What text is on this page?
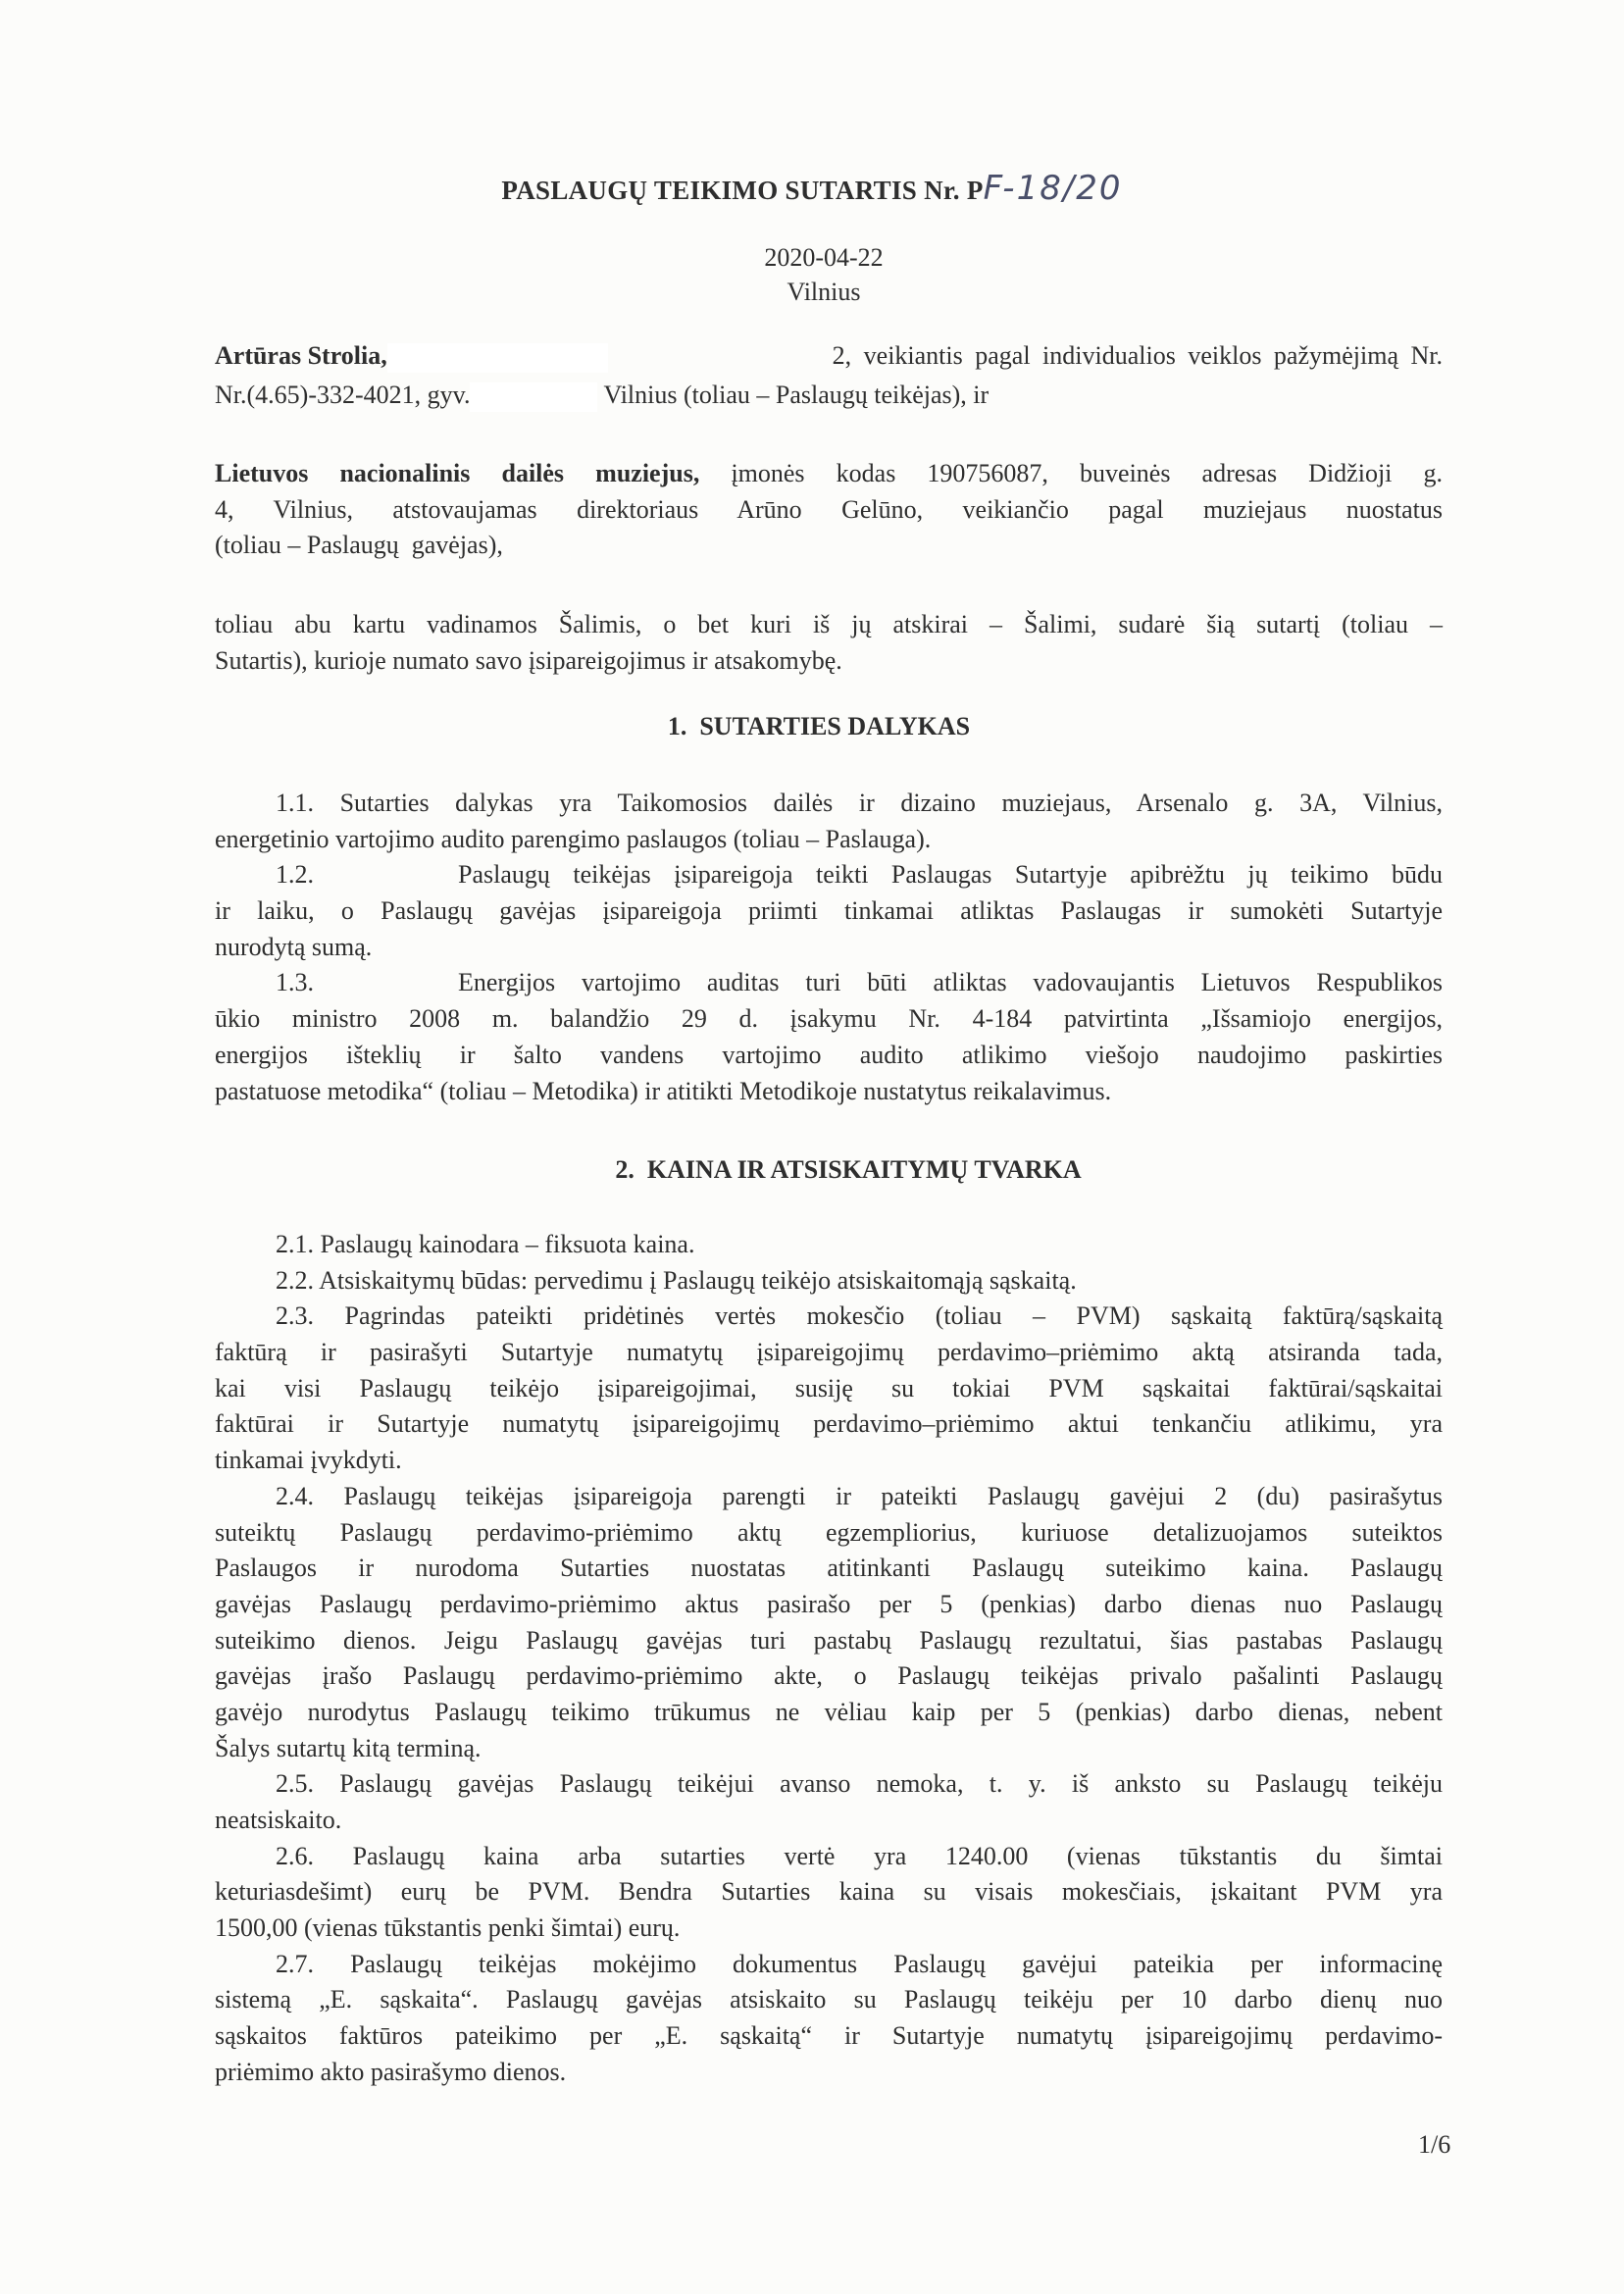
PASLAUGŲ TEIKIMO SUTARTIS Nr. PF-18/20
2020-04-22
Vilnius
Artūras Strolia,	2, veikiantis pagal individualios veiklos pažymėjimą Nr.
Nr.(4.65)-332-4021, gyv.	Vilnius (toliau – Paslaugų teikėjas), ir
Lietuvos nacionalinis dailės muziejus, įmonės kodas 190756087, buveinės adresas Didžioji g.
4, Vilnius, atstovaujamas direktoriaus Arūno Gelūno, veikiančio pagal muziejaus nuostatus
(toliau – Paslaugų  gavėjas),
toliau abu kartu vadinamos Šalimis, o bet kuri iš jų atskirai – Šalimi, sudarė šią sutartį (toliau –
Sutartis), kurioje numato savo įsipareigojimus ir atsakomybę.
1.  SUTARTIES DALYKAS
1.1. Sutarties dalykas yra Taikomosios dailės ir dizaino muziejaus, Arsenalo g. 3A, Vilnius,
energetinio vartojimo audito parengimo paslaugos (toliau – Paslauga).
1.2.	Paslaugų teikėjas įsipareigoja teikti Paslaugas Sutartyje apibrėžtu jų teikimo būdu
ir laiku, o Paslaugų gavėjas įsipareigoja priimti tinkamai atliktas Paslaugas ir sumokėti Sutartyje
nurodytą sumą.
1.3.	Energijos vartojimo auditas turi būti atliktas vadovaujantis Lietuvos Respublikos
ūkio ministro 2008 m. balandžio 29 d. įsakymu Nr. 4-184 patvirtinta „Išsamiojo energijos,
energijos išteklių ir šalto vandens vartojimo audito atlikimo viešojo naudojimo paskirties
pastatuose metodika“ (toliau – Metodika) ir atitikti Metodikoje nustatytus reikalavimus.
2.  KAINA IR ATSISKAITYMŲ TVARKA
2.1. Paslaugų kainodara – fiksuota kaina.
2.2. Atsiskaitymų būdas: pervedimu į Paslaugų teikėjo atsiskaitomąją sąskaitą.
2.3. Pagrindas pateikti pridėtinės vertės mokesčio (toliau – PVM) sąskaitą faktūrą/sąskaitą
faktūrą ir pasirašyti Sutartyje numatytų įsipareigojimų perdavimo–priėmimo aktą atsiranda tada,
kai visi Paslaugų teikėjo įsipareigojimai, susiję su tokiai PVM sąskaitai faktūrai/sąskaitai
faktūrai ir Sutartyje numatytų įsipareigojimų perdavimo–priėmimo aktui tenkančiu atlikimu, yra
tinkamai įvykdyti.
2.4. Paslaugų teikėjas įsipareigoja parengti ir pateikti Paslaugų gavėjui 2 (du) pasirašytus
suteiktų Paslaugų perdavimo-priėmimo aktų egzempliorius, kuriuose detalizuojamos suteiktos
Paslaugos ir nurodoma Sutarties nuostatas atitinkanti Paslaugų suteikimo kaina. Paslaugų
gavėjas Paslaugų perdavimo-priėmimo aktus pasirašo per 5 (penkias) darbo dienas nuo Paslaugų
suteikimo dienos. Jeigu Paslaugų gavėjas turi pastabų Paslaugų rezultatui, šias pastabas Paslaugų
gavėjas įrašo Paslaugų perdavimo-priėmimo akte, o Paslaugų teikėjas privalo pašalinti Paslaugų
gavėjo nurodytus Paslaugų teikimo trūkumus ne vėliau kaip per 5 (penkias) darbo dienas, nebent
Šalys sutartų kitą terminą.
2.5. Paslaugų gavėjas Paslaugų teikėjui avanso nemoka, t. y. iš anksto su Paslaugų teikėju
neatsiskaito.
2.6. Paslaugų kaina arba sutarties vertė yra 1240.00 (vienas tūkstantis du šimtai
keturiasdešimt) eurų be PVM. Bendra Sutarties kaina su visais mokesčiais, įskaitant PVM yra
1500,00 (vienas tūkstantis penki šimtai) eurų.
2.7. Paslaugų teikėjas mokėjimo dokumentus Paslaugų gavėjui pateikia per informacinę
sistemą „E. sąskaita“. Paslaugų gavėjas atsiskaito su Paslaugų teikėju per 10 darbo dienų nuo
sąskaitos faktūros pateikimo per „E. sąskaitą“ ir Sutartyje numatytų įsipareigojimų perdavimo-
priėmimo akto pasirašymo dienos.
1/6
